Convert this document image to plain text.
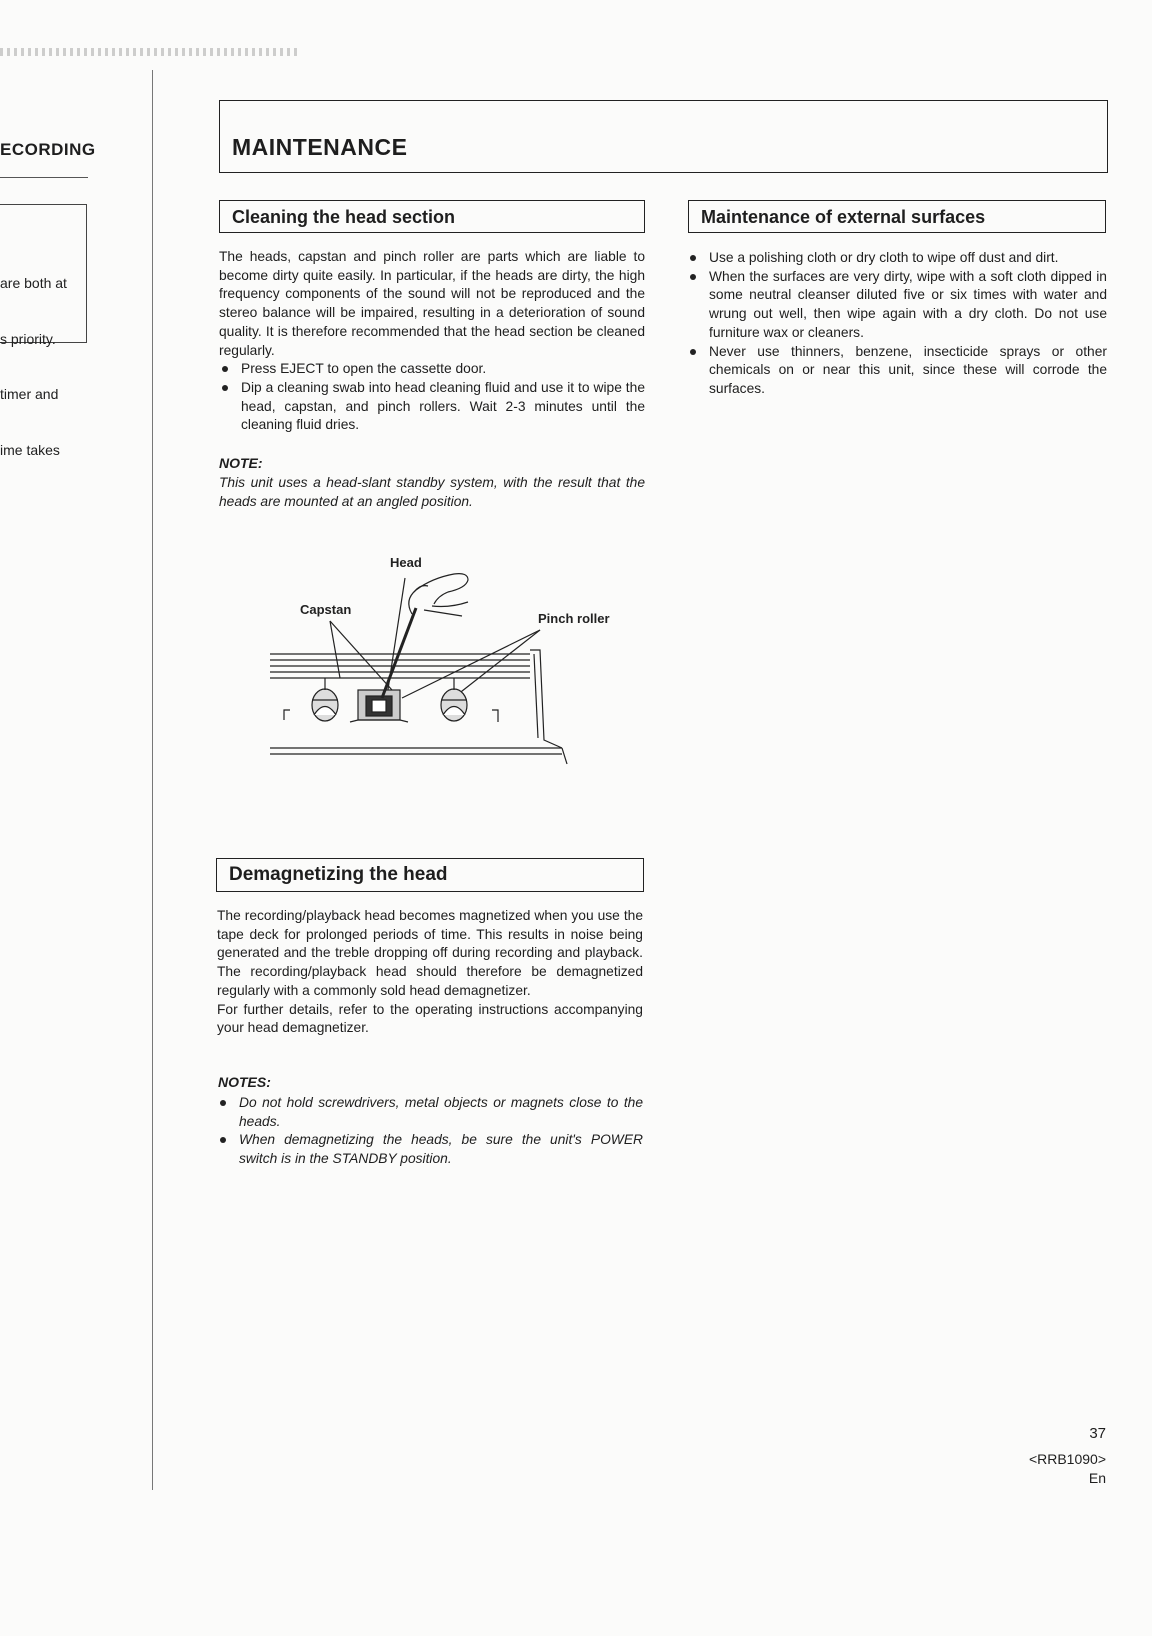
ECORDING

are both at

s priority.

timer and

ime takes

MAINTENANCE
Cleaning the head section

The heads, capstan and pinch roller are parts which are liable to become dirty quite easily. In particular, if the heads are dirty, the high frequency components of the sound will not be reproduced and the stereo balance will be impaired, resulting in a deterioration of sound quality. It is therefore recommended that the head section be cleaned regularly.

Press EJECT to open the cassette door.
Dip a cleaning swab into head cleaning fluid and use it to wipe the head, capstan, and pinch rollers. Wait 2-3 minutes until the cleaning fluid dries.
NOTE:
This unit uses a head-slant standby system, with the result that the heads are mounted at an angled position.
Head
Capstan
Pinch roller
Demagnetizing the head

The recording/playback head becomes magnetized when you use the tape deck for prolonged periods of time. This results in noise being generated and the treble dropping off during recording and playback. The recording/playback head should therefore be demagnetized regularly with a commonly sold head demagnetizer.

For further details, refer to the operating instructions accompanying your head demagnetizer.

NOTES:
Do not hold screwdrivers, metal objects or magnets close to the heads.
When demagnetizing the heads, be sure the unit's POWER switch is in the STANDBY position.
Maintenance of external surfaces
Use a polishing cloth or dry cloth to wipe off dust and dirt.
When the surfaces are very dirty, wipe with a soft cloth dipped in some neutral cleanser diluted five or six times with water and wrung out well, then wipe again with a dry cloth. Do not use furniture wax or cleaners.
Never use thinners, benzene, insecticide sprays or other chemicals on or near this unit, since these will corrode the surfaces.
37
<RRB1090>
En
